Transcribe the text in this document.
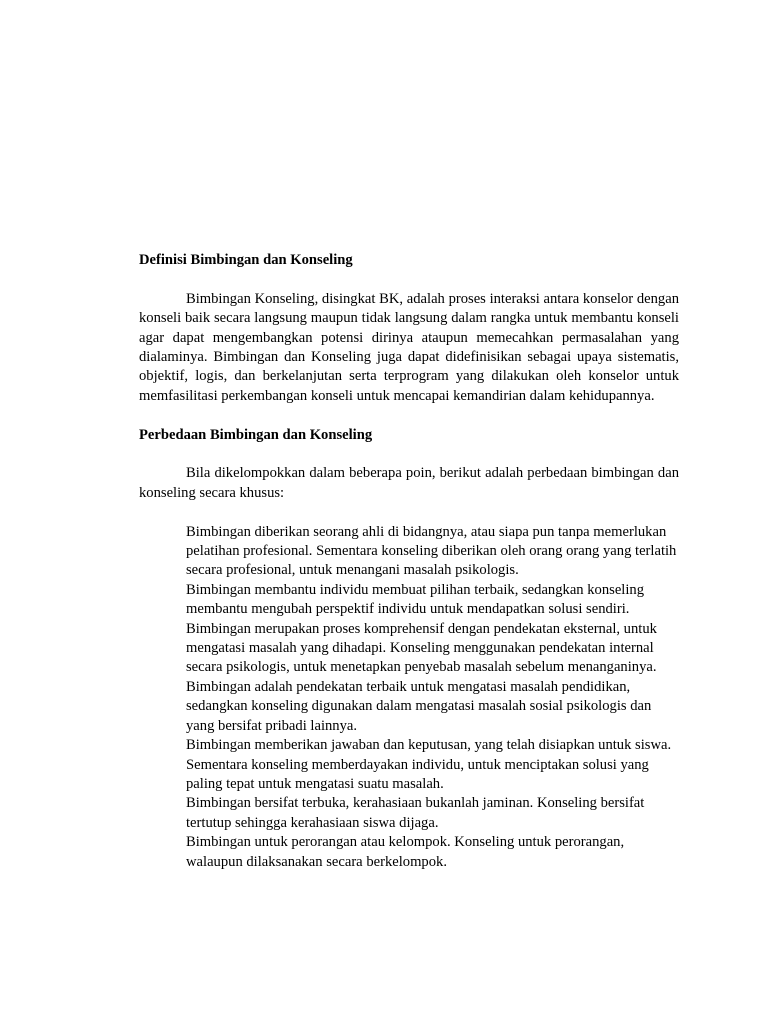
Definisi Bimbingan dan Konseling

Bimbingan Konseling, disingkat BK, adalah proses interaksi antara konselor dengan konseli baik secara langsung maupun tidak langsung dalam rangka untuk membantu konseli agar dapat mengembangkan potensi dirinya ataupun memecahkan permasalahan yang dialaminya. Bimbingan dan Konseling juga dapat didefinisikan sebagai upaya sistematis, objektif, logis, dan berkelanjutan serta terprogram yang dilakukan oleh konselor untuk memfasilitasi perkembangan konseli untuk mencapai kemandirian dalam kehidupannya.

Perbedaan Bimbingan dan Konseling

Bila dikelompokkan dalam beberapa poin, berikut adalah perbedaan bimbingan dan konseling secara khusus:

Bimbingan diberikan seorang ahli di bidangnya, atau siapa pun tanpa memerlukan pelatihan profesional. Sementara konseling diberikan oleh orang orang yang terlatih secara profesional, untuk menangani masalah psikologis.
Bimbingan membantu individu membuat pilihan terbaik, sedangkan konseling membantu mengubah perspektif individu untuk mendapatkan solusi sendiri.
Bimbingan merupakan proses komprehensif dengan pendekatan eksternal, untuk mengatasi masalah yang dihadapi. Konseling menggunakan pendekatan internal secara psikologis, untuk menetapkan penyebab masalah sebelum menanganinya.
Bimbingan adalah pendekatan terbaik untuk mengatasi masalah pendidikan, sedangkan konseling digunakan dalam mengatasi masalah sosial psikologis dan yang bersifat pribadi lainnya.
Bimbingan memberikan jawaban dan keputusan, yang telah disiapkan untuk siswa. Sementara konseling memberdayakan individu, untuk menciptakan solusi yang paling tepat untuk mengatasi suatu masalah.
Bimbingan bersifat terbuka, kerahasiaan bukanlah jaminan. Konseling bersifat tertutup sehingga kerahasiaan siswa dijaga.
Bimbingan untuk perorangan atau kelompok. Konseling untuk perorangan, walaupun dilaksanakan secara berkelompok.
